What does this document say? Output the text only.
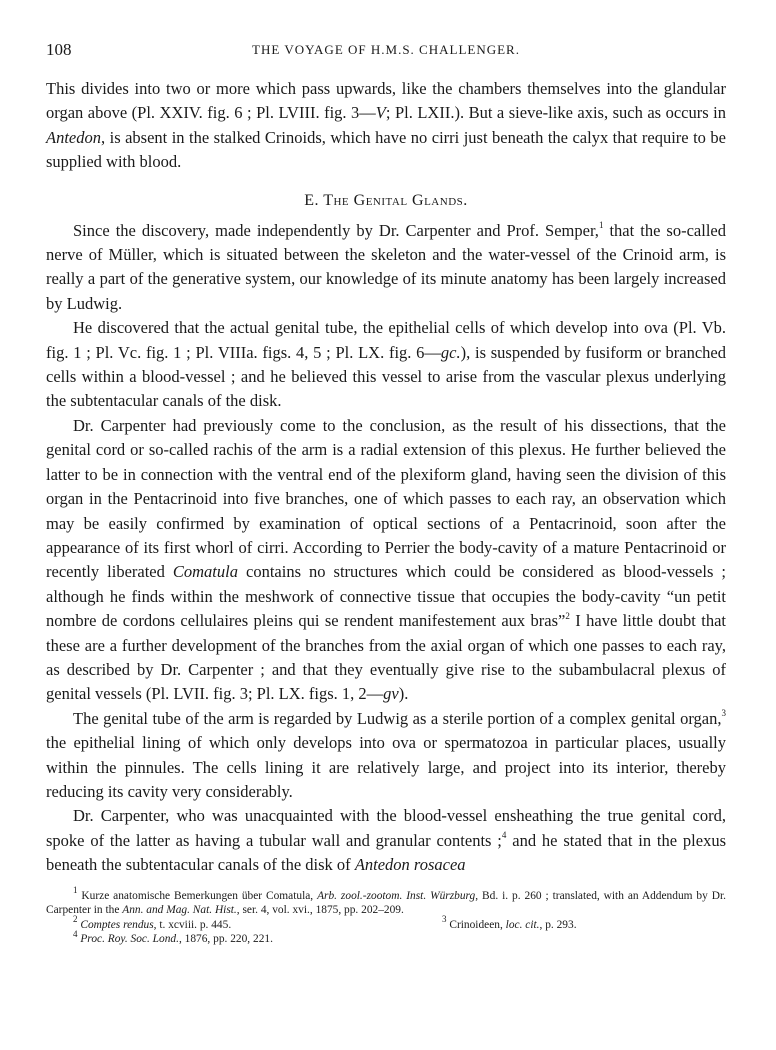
108	THE VOYAGE OF H.M.S. CHALLENGER.

This divides into two or more which pass upwards, like the chambers themselves into the glandular organ above (Pl. XXIV. fig. 6 ; Pl. LVIII. fig. 3—V; Pl. LXII.). But a sieve-like axis, such as occurs in Antedon, is absent in the stalked Crinoids, which have no cirri just beneath the calyx that require to be supplied with blood.

E. The Genital Glands.

Since the discovery, made independently by Dr. Carpenter and Prof. Semper,$^1$ that the so-called nerve of Müller, which is situated between the skeleton and the water-vessel of the Crinoid arm, is really a part of the generative system, our knowledge of its minute anatomy has been largely increased by Ludwig.

He discovered that the actual genital tube, the epithelial cells of which develop into ova (Pl. Vb. fig. 1 ; Pl. Vc. fig. 1 ; Pl. VIIIa. figs. 4, 5 ; Pl. LX. fig. 6—gc.), is suspended by fusiform or branched cells within a blood-vessel ; and he believed this vessel to arise from the vascular plexus underlying the subtentacular canals of the disk.

Dr. Carpenter had previously come to the conclusion, as the result of his dissections, that the genital cord or so-called rachis of the arm is a radial extension of this plexus. He further believed the latter to be in connection with the ventral end of the plexiform gland, having seen the division of this organ in the Pentacrinoid into five branches, one of which passes to each ray, an observation which may be easily confirmed by examination of optical sections of a Pentacrinoid, soon after the appearance of its first whorl of cirri. According to Perrier the body-cavity of a mature Pentacrinoid or recently liberated Comatula contains no structures which could be considered as blood-vessels ; although he finds within the meshwork of connective tissue that occupies the body-cavity “un petit nombre de cordons cellulaires pleins qui se rendent manifestement aux bras”$^2$ I have little doubt that these are a further development of the branches from the axial organ of which one passes to each ray, as described by Dr. Carpenter ; and that they eventually give rise to the subambulacral plexus of genital vessels (Pl. LVII. fig. 3; Pl. LX. figs. 1, 2—gv).

The genital tube of the arm is regarded by Ludwig as a sterile portion of a complex genital organ,$^3$ the epithelial lining of which only develops into ova or spermatozoa in particular places, usually within the pinnules. The cells lining it are relatively large, and project into its interior, thereby reducing its cavity very considerably.

Dr. Carpenter, who was unacquainted with the blood-vessel ensheathing the true genital cord, spoke of the latter as having a tubular wall and granular contents ;$^4$ and he stated that in the plexus beneath the subtentacular canals of the disk of Antedon rosacea

$^1$ Kurze anatomische Bemerkungen über Comatula, Arb. zool.-zootom. Inst. Würzburg, Bd. i. p. 260 ; translated, with an Addendum by Dr. Carpenter in the Ann. and Mag. Nat. Hist., ser. 4, vol. xvi., 1875, pp. 202–209.
$^2$ Comptes rendus, t. xcviii. p. 445.	$^3$ Crinoideen, loc. cit., p. 293.
$^4$ Proc. Roy. Soc. Lond., 1876, pp. 220, 221.
